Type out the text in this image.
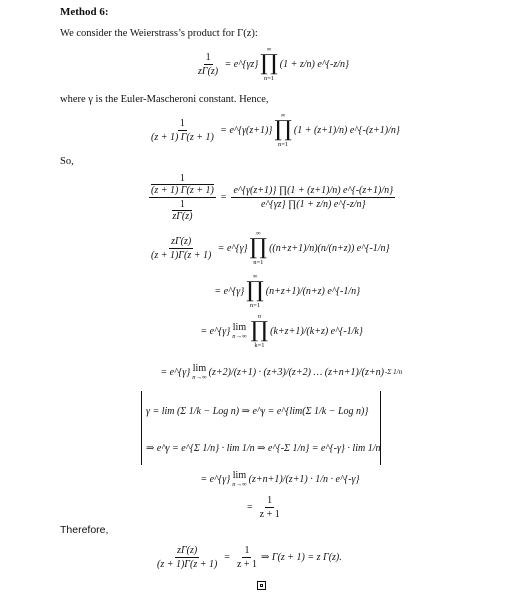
Method 6:
We consider the Weierstrass’s product for Γ(z):
$\frac{1}{z\Gamma(z)}$ = e^{γz}
∞
∏
n=1
(1 + z/n) e^{-z/n}
where γ is the Euler-Mascheroni constant. Hence,
$\frac{1}{(z + 1) \Gamma(z + 1)}$ = e^{γ(z+1)}
∞
∏
n=1
(1 + (z+1)/n) e^{-(z+1)/n}
So,
1
(z + 1) Γ(z + 1)
1
$z\Gamma(z) = \frac{e\^{}\{\gamma(z+1)\} \prod(1 + (z+1)/n) e\^{}\{-(z+1)/n\}}{e\^{}\{\gamma z\} \prod(1 + z/n) e\^{}\{-z/n\}}$
$\frac{z\Gamma(z)}{(z + 1)\Gamma(z + 1)}$ = e^{γ}
∞
∏
n=1
((n+z+1)/n)(n/(n+z)) e^{-1/n}
= e^{γ}
∞
∏
n=1
(n+z+1)/(n+z) e^{-1/n}
= e^{γ} lim
n→∞
n
∏
k=1
(k+z+1)/(k+z) e^{-1/k}
= e^{γ} lim
n→∞ (z+2)/(z+1) · (z+3)/(z+2) … (z+n+1)/(z+n) -Σ 1/n
γ = lim (Σ 1/k − Log n) ⇒ e^γ = e^{lim(Σ 1/k − Log n)}
⇒ e^γ = e^{Σ 1/n} · lim 1/n ⇒ e^{-Σ 1/n} = e^{-γ} · lim 1/n
= e^{γ} lim
n→∞ (z+n+1)/(z+1) · 1/n · e^{-γ}
= $\frac{1}{z + 1}$
Therefore,
$\frac{z\Gamma(z)}{(z + 1)\Gamma(z + 1)} = \frac{1}{z + 1}$ ⇒ Γ(z + 1) = z Γ(z).
